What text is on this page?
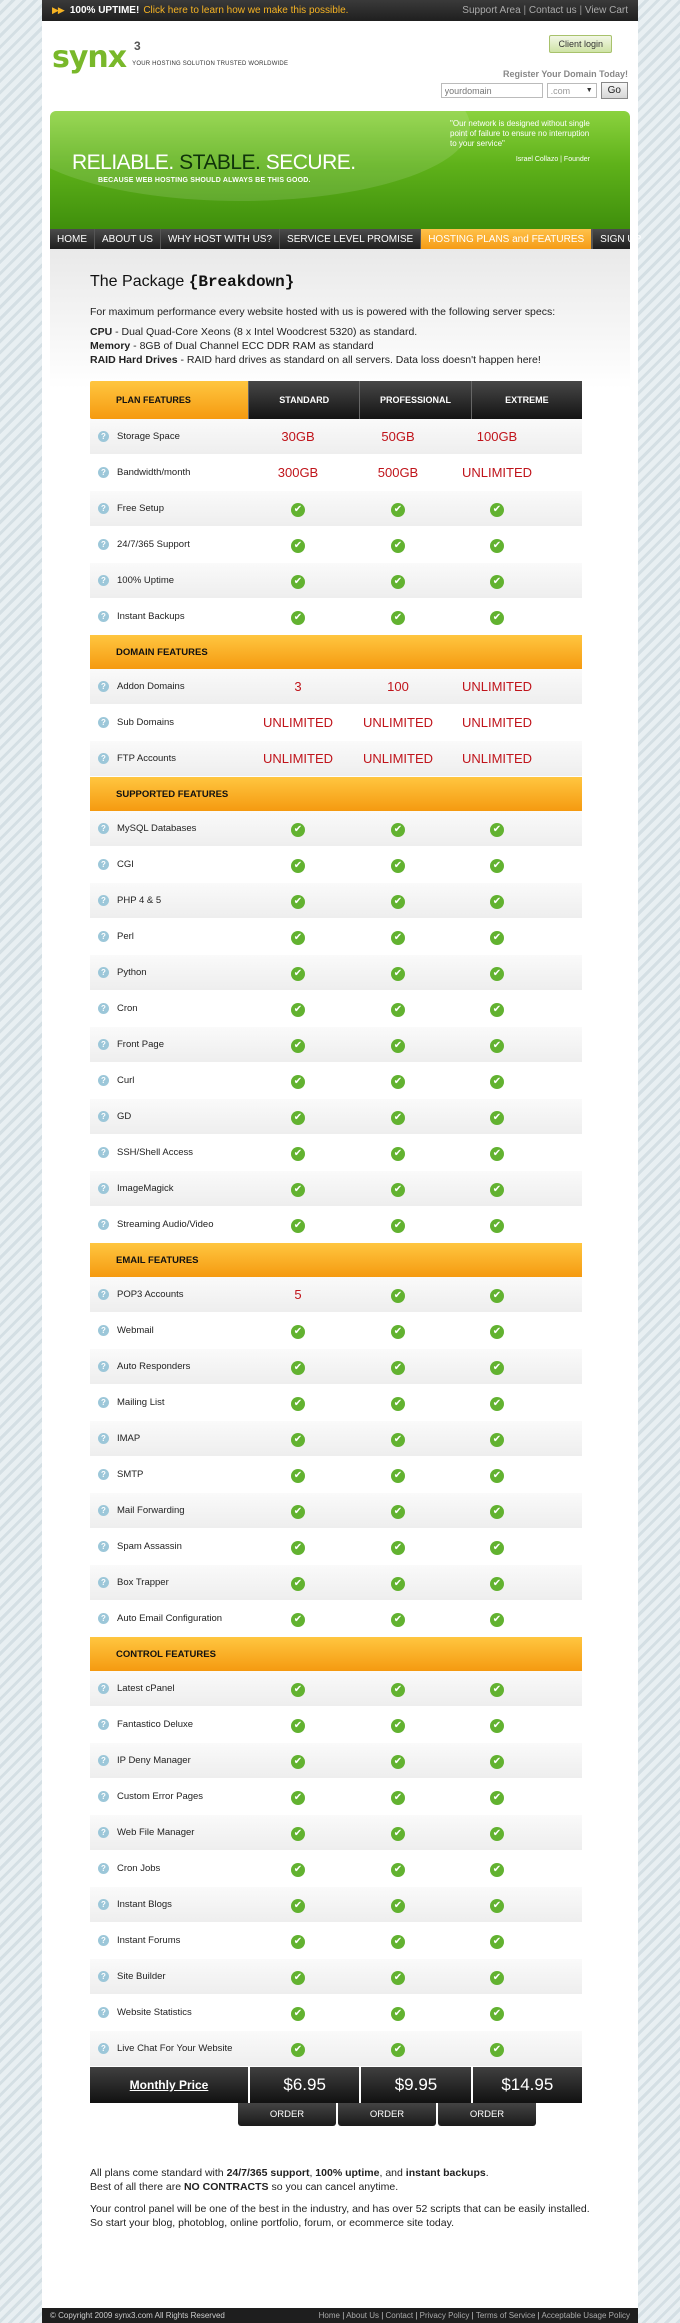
▶▶ 100% UPTIME! Click here to learn how we make this possible.	Support Area | Contact us | View Cart
synx 3
YOUR HOSTING SOLUTION TRUSTED WORLDWIDE
Client login
Register Your Domain Today!
yourdomain
.com ▼	Go
RELIABLE. STABLE. SECURE.
BECAUSE WEB HOSTING SHOULD ALWAYS BE THIS GOOD.
"Our network is designed without single point of failure to ensure no interruption to your service"
Israel Collazo | Founder
HOME	ABOUT US	WHY HOST WITH US?	SERVICE LEVEL PROMISE	HOSTING PLANS and FEATURES	SIGN UP
The Package {Breakdown}

For maximum performance every website hosted with us is powered with the following server specs:

CPU - Dual Quad-Core Xeons (8 x Intel Woodcrest 5320) as standard.

Memory - 8GB of Dual Channel ECC DDR RAM as standard

RAID Hard Drives - RAID hard drives as standard on all servers. Data loss doesn't happen here!

PLAN FEATURES	STANDARD	PROFESSIONAL	EXTREME
?	Storage Space	30GB	50GB	100GB
?	Bandwidth/month	300GB	500GB	UNLIMITED
?	Free Setup	✔	✔	✔
?	24/7/365 Support	✔	✔	✔
?	100% Uptime	✔	✔	✔
?	Instant Backups	✔	✔	✔
DOMAIN FEATURES
?	Addon Domains	3	100	UNLIMITED
?	Sub Domains	UNLIMITED	UNLIMITED	UNLIMITED
?	FTP Accounts	UNLIMITED	UNLIMITED	UNLIMITED
SUPPORTED FEATURES
?	MySQL Databases	✔	✔	✔
?	CGI	✔	✔	✔
?	PHP 4 & 5	✔	✔	✔
?	Perl	✔	✔	✔
?	Python	✔	✔	✔
?	Cron	✔	✔	✔
?	Front Page	✔	✔	✔
?	Curl	✔	✔	✔
?	GD	✔	✔	✔
?	SSH/Shell Access	✔	✔	✔
?	ImageMagick	✔	✔	✔
?	Streaming Audio/Video	✔	✔	✔
EMAIL FEATURES
?	POP3 Accounts	5	✔	✔
?	Webmail	✔	✔	✔
?	Auto Responders	✔	✔	✔
?	Mailing List	✔	✔	✔
?	IMAP	✔	✔	✔
?	SMTP	✔	✔	✔
?	Mail Forwarding	✔	✔	✔
?	Spam Assassin	✔	✔	✔
?	Box Trapper	✔	✔	✔
?	Auto Email Configuration	✔	✔	✔
CONTROL FEATURES
?	Latest cPanel	✔	✔	✔
?	Fantastico Deluxe	✔	✔	✔
?	IP Deny Manager	✔	✔	✔
?	Custom Error Pages	✔	✔	✔
?	Web File Manager	✔	✔	✔
?	Cron Jobs	✔	✔	✔
?	Instant Blogs	✔	✔	✔
?	Instant Forums	✔	✔	✔
?	Site Builder	✔	✔	✔
?	Website Statistics	✔	✔	✔
?	Live Chat For Your Website	✔	✔	✔
Monthly Price	$6.95	$9.95	$14.95
ORDER	ORDER	ORDER

All plans come standard with 24/7/365 support, 100% uptime, and instant backups.
Best of all there are NO CONTRACTS so you can cancel anytime.

Your control panel will be one of the best in the industry, and has over 52 scripts that can be easily installed. So start your blog, photoblog, online portfolio, forum, or ecommerce site today.

© Copyright 2009 synx3.com All Rights Reserved	Home | About Us | Contact | Privacy Policy | Terms of Service | Acceptable Usage Policy
